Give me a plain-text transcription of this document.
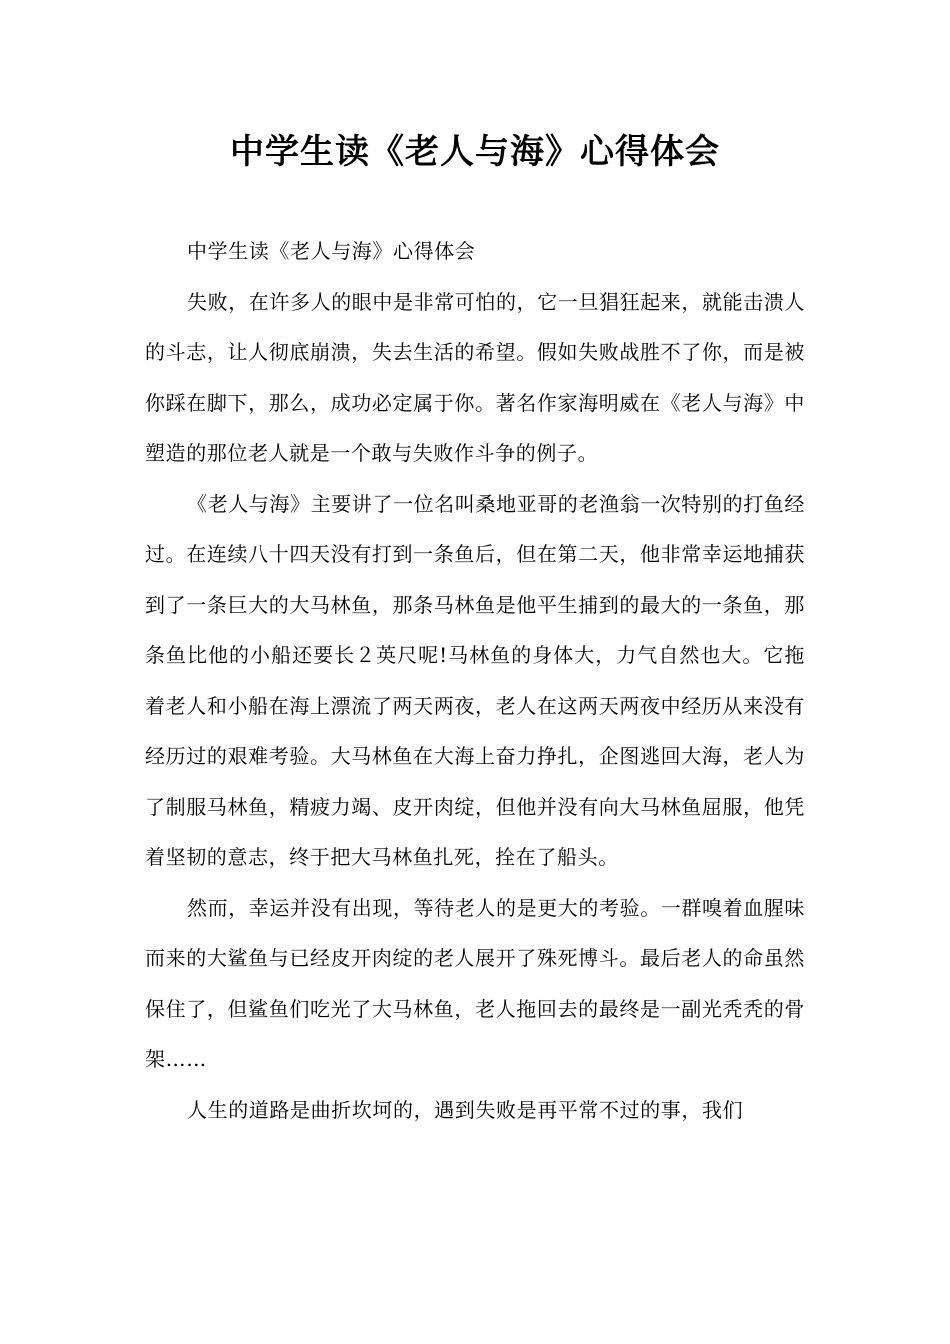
中学生读《老人与海》心得体会

中学生读《老人与海》心得体会

失败，在许多人的眼中是非常可怕的，它一旦猖狂起来，就能击溃人的斗志，让人彻底崩溃，失去生活的希望。假如失败战胜不了你，而是被你踩在脚下，那么，成功必定属于你。著名作家海明威在《老人与海》中塑造的那位老人就是一个敢与失败作斗争的例子。

《老人与海》主要讲了一位名叫桑地亚哥的老渔翁一次特别的打鱼经过。在连续八十四天没有打到一条鱼后，但在第二天，他非常幸运地捕获到了一条巨大的大马林鱼，那条马林鱼是他平生捕到的最大的一条鱼，那条鱼比他的小船还要长２英尺呢!马林鱼的身体大，力气自然也大。它拖着老人和小船在海上漂流了两天两夜，老人在这两天两夜中经历从来没有经历过的艰难考验。大马林鱼在大海上奋力挣扎，企图逃回大海，老人为了制服马林鱼，精疲力竭、皮开肉绽，但他并没有向大马林鱼屈服，他凭着坚韧的意志，终于把大马林鱼扎死，拴在了船头。

然而，幸运并没有出现，等待老人的是更大的考验。一群嗅着血腥味而来的大鲨鱼与已经皮开肉绽的老人展开了殊死博斗。最后老人的命虽然保住了，但鲨鱼们吃光了大马林鱼，老人拖回去的最终是一副光秃秃的骨架……

人生的道路是曲折坎坷的，遇到失败是再平常不过的事，我们
